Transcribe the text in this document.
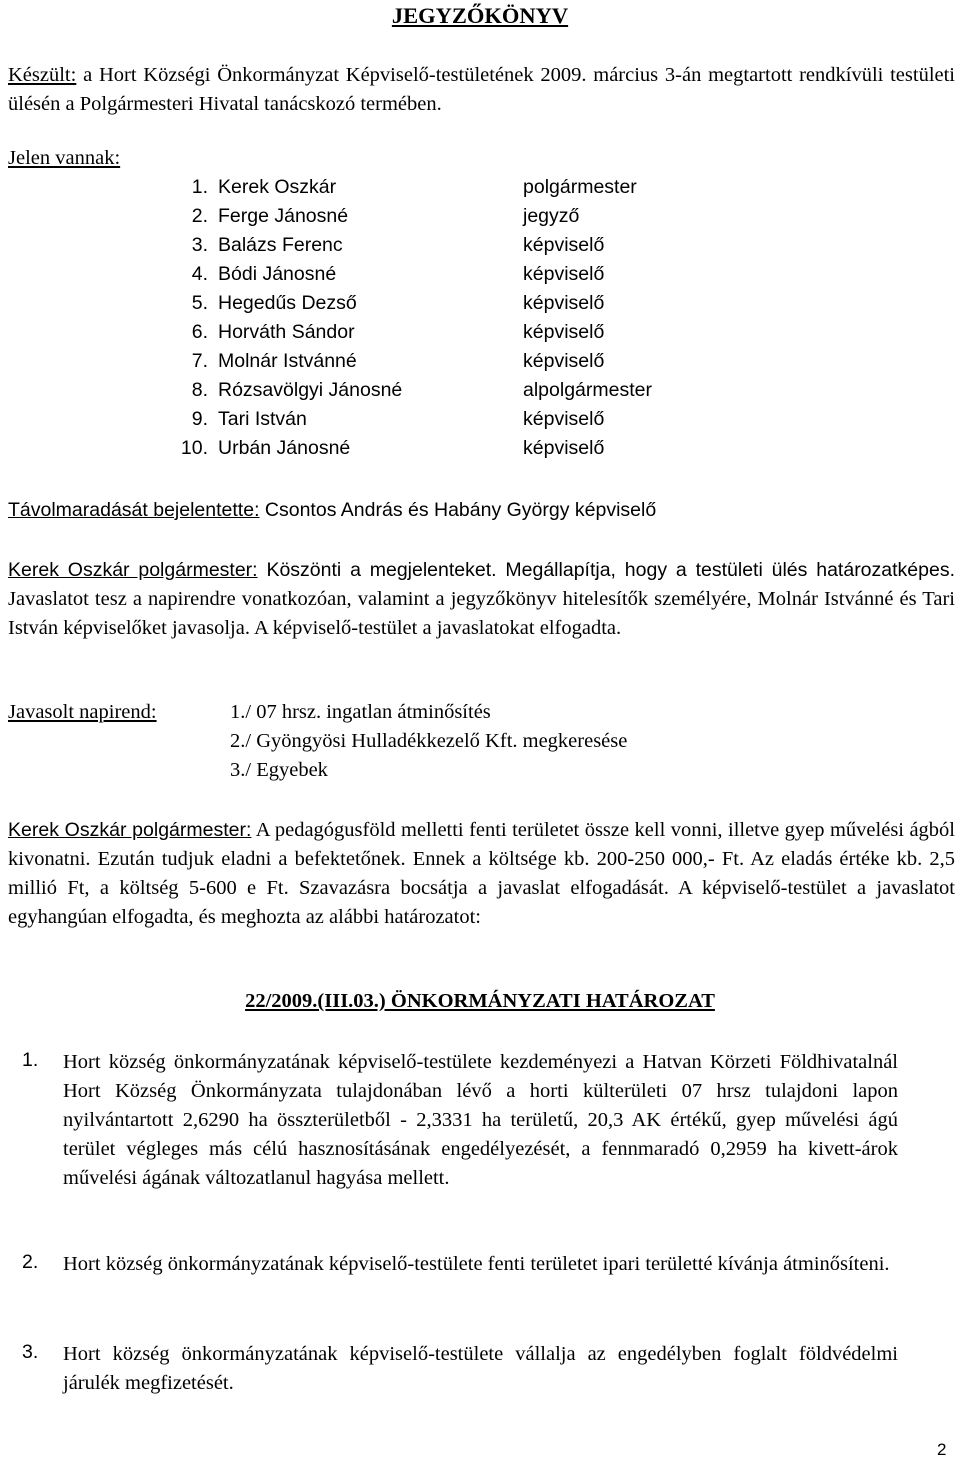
JEGYZŐKÖNYV
Készült: a Hort Községi Önkormányzat Képviselő-testületének 2009. március 3-án megtartott rendkívüli testületi ülésén a Polgármesteri Hivatal tanácskozó termében.
Jelen vannak:
1. Kerek Oszkár	polgármester
2. Ferge Jánosné	jegyző
3. Balázs Ferenc	képviselő
4. Bódi Jánosné	képviselő
5. Hegedűs Dezső	képviselő
6. Horváth Sándor	képviselő
7. Molnár Istvánné	képviselő
8. Rózsavölgyi Jánosné	alpolgármester
9. Tari István	képviselő
10. Urbán Jánosné	képviselő
Távolmaradását bejelentette: Csontos András és Habány György képviselő
Kerek Oszkár polgármester: Köszönti a megjelenteket. Megállapítja, hogy a testületi ülés határozatképes. Javaslatot tesz a napirendre vonatkozóan, valamint a jegyzőkönyv hitelesítők személyére, Molnár Istvánné és Tari István képviselőket javasolja. A képviselő-testület a javaslatokat elfogadta.
Javasolt napirend:	1./ 07 hrsz. ingatlan átminősítés
2./ Gyöngyösi Hulladékkezelő Kft. megkeresése
3./ Egyebek
Kerek Oszkár polgármester: A pedagógusföld melletti fenti területet össze kell vonni, illetve gyep művelési ágból kivonatni. Ezután tudjuk eladni a befektetőnek. Ennek a költsége kb. 200-250 000,- Ft. Az eladás értéke kb. 2,5 millió Ft, a költség 5-600 e Ft. Szavazásra bocsátja a javaslat elfogadását. A képviselő-testület a javaslatot egyhangúan elfogadta, és meghozta az alábbi határozatot:
22/2009.(III.03.) ÖNKORMÁNYZATI HATÁROZAT
1. Hort község önkormányzatának képviselő-testülete kezdeményezi a Hatvan Körzeti Földhivatalnál Hort Község Önkormányzata tulajdonában lévő a horti külterületi 07 hrsz tulajdoni lapon nyilvántartott 2,6290 ha összterületből - 2,3331 ha területű, 20,3 AK értékű, gyep művelési ágú terület végleges más célú hasznosításának engedélyezését, a fennmaradó 0,2959 ha kivett-árok művelési ágának változatlanul hagyása mellett.
2. Hort község önkormányzatának képviselő-testülete fenti területet ipari területté kívánja átminősíteni.
3. Hort község önkormányzatának képviselő-testülete vállalja az engedélyben foglalt földvédelmi járulék megfizetését.
2
